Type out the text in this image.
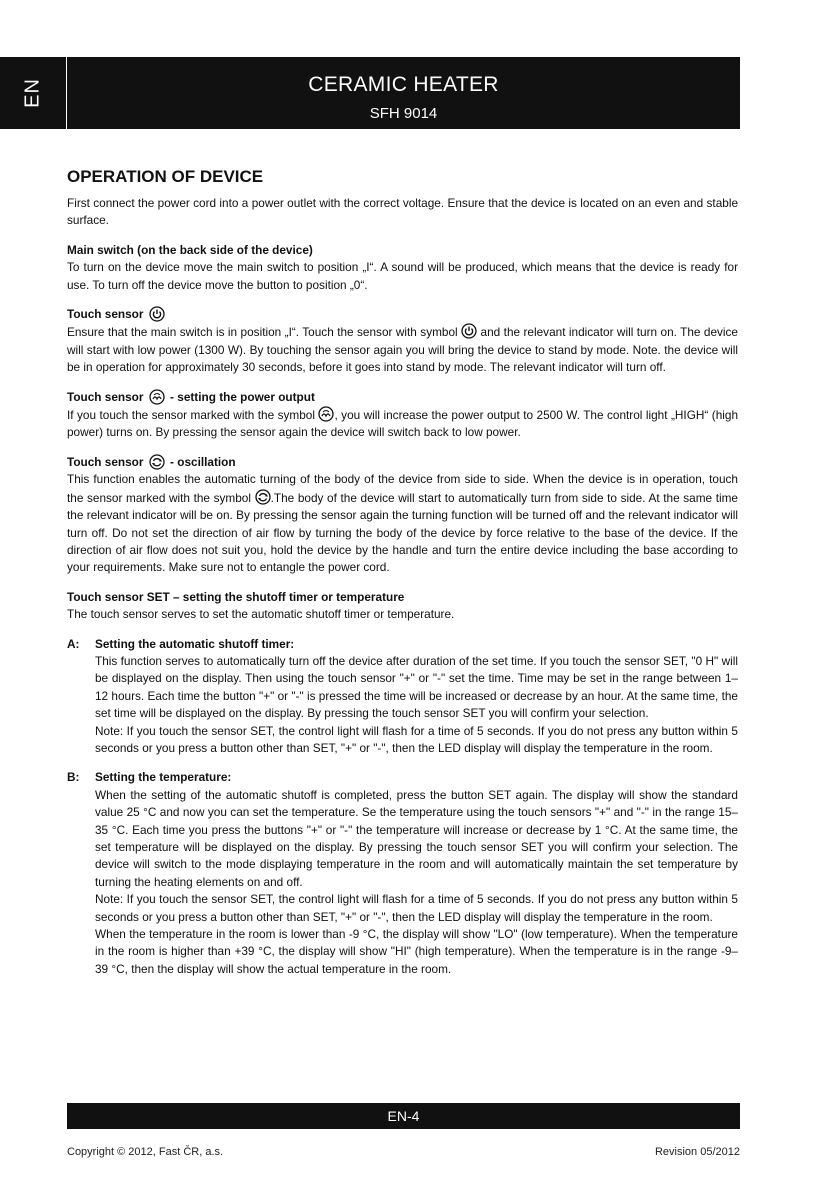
EN	CERAMIC HEATER
SFH 9014
OPERATION OF DEVICE

First connect the power cord into a power outlet with the correct voltage. Ensure that the device is located on an even and stable surface.

Main switch (on the back side of the device)

To turn on the device move the main switch to position „I“. A sound will be produced, which means that the device is ready for use. To turn off the device move the button to position „0“.

Touch sensor

Ensure that the main switch is in position „I“. Touch the sensor with symbol and the relevant indicator will turn on. The device will start with low power (1300 W). By touching the sensor again you will bring the device to stand by mode. Note. the device will be in operation for approximately 30 seconds, before it goes into stand by mode. The relevant indicator will turn off.

Touch sensor - setting the power output

If you touch the sensor marked with the symbol , you will increase the power output to 2500 W. The control light „HIGH“ (high power) turns on. By pressing the sensor again the device will switch back to low power.

Touch sensor - oscillation

This function enables the automatic turning of the body of the device from side to side. When the device is in operation, touch the sensor marked with the symbol .The body of the device will start to automatically turn from side to side. At the same time the relevant indicator will be on. By pressing the sensor again the turning function will be turned off and the relevant indicator will turn off. Do not set the direction of air flow by turning the body of the device by force relative to the base of the device. If the direction of air flow does not suit you, hold the device by the handle and turn the entire device including the base according to your requirements. Make sure not to entangle the power cord.

Touch sensor SET – setting the shutoff timer or temperature

The touch sensor serves to set the automatic shutoff timer or temperature.

A: Setting the automatic shutoff timer:

This function serves to automatically turn off the device after duration of the set time. If you touch the sensor SET, "0 H" will be displayed on the display. Then using the touch sensor "+" or "-" set the time. Time may be set in the range between 1–12 hours. Each time the button "+" or "-" is pressed the time will be increased or decrease by an hour. At the same time, the set time will be displayed on the display. By pressing the touch sensor SET you will confirm your selection.

Note: If you touch the sensor SET, the control light will flash for a time of 5 seconds. If you do not press any button within 5 seconds or you press a button other than SET, "+" or "-", then the LED display will display the temperature in the room.

B: Setting the temperature:

When the setting of the automatic shutoff is completed, press the button SET again. The display will show the standard value 25 °C and now you can set the temperature. Se the temperature using the touch sensors "+" and "-" in the range 15–35 °C. Each time you press the buttons "+" or "-" the temperature will increase or decrease by 1 °C. At the same time, the set temperature will be displayed on the display. By pressing the touch sensor SET you will confirm your selection. The device will switch to the mode displaying temperature in the room and will automatically maintain the set temperature by turning the heating elements on and off.

Note: If you touch the sensor SET, the control light will flash for a time of 5 seconds. If you do not press any button within 5 seconds or you press a button other than SET, "+" or "-", then the LED display will display the temperature in the room.

When the temperature in the room is lower than -9 °C, the display will show "LO" (low temperature). When the temperature in the room is higher than +39 °C, the display will show "HI" (high temperature). When the temperature is in the range -9–39 °C, then the display will show the actual temperature in the room.

EN-4
Copyright © 2012, Fast ČR, a.s.	Revision 05/2012
